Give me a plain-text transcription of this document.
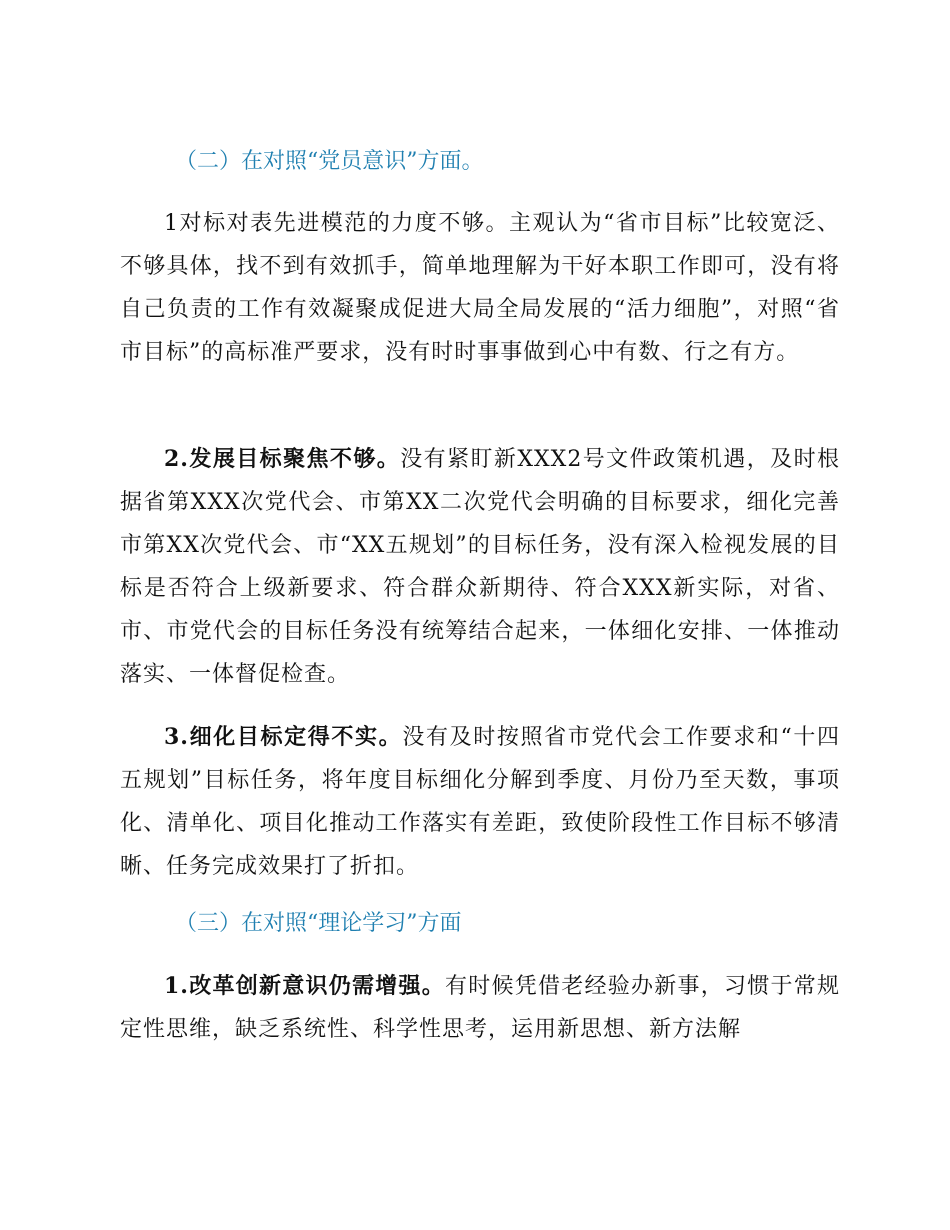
（二）在对照“党员意识”方面。
1对标对表先进模范的力度不够。主观认为“省市目标”比较宽泛、不够具体，找不到有效抓手，简单地理解为干好本职工作即可，没有将自己负责的工作有效凝聚成促进大局全局发展的“活力细胞”，对照“省市目标”的高标准严要求，没有时时事事做到心中有数、行之有方。
2.发展目标聚焦不够。没有紧盯新XXX2号文件政策机遇，及时根据省第XXX次党代会、市第XX二次党代会明确的目标要求，细化完善市第XX次党代会、市“XX五规划”的目标任务，没有深入检视发展的目标是否符合上级新要求、符合群众新期待、符合XXX新实际，对省、市、市党代会的目标任务没有统筹结合起来，一体细化安排、一体推动落实、一体督促检查。
3.细化目标定得不实。没有及时按照省市党代会工作要求和“十四五规划”目标任务，将年度目标细化分解到季度、月份乃至天数，事项化、清单化、项目化推动工作落实有差距，致使阶段性工作目标不够清晰、任务完成效果打了折扣。
（三）在对照“理论学习”方面
1.改革创新意识仍需增强。有时候凭借老经验办新事，习惯于常规定性思维，缺乏系统性、科学性思考，运用新思想、新方法解
